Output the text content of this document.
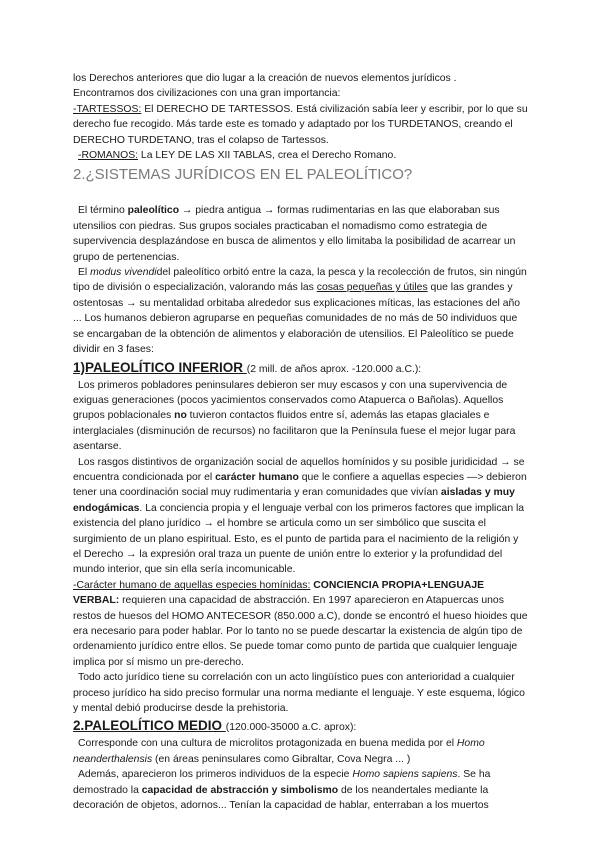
los Derechos anteriores que dio lugar a la creación de nuevos elementos jurídicos .

Encontramos dos civilizaciones con una gran importancia:

-TARTESSOS: El DERECHO DE TARTESSOS. Está civilización sabía leer y escribir, por lo que su derecho fue recogido. Más tarde este es tomado y adaptado por los TURDETANOS, creando el DERECHO TURDETANO, tras el colapso de Tartessos.

-ROMANOS: La LEY DE LAS XII TABLAS, crea el Derecho Romano.

2.¿SISTEMAS JURÍDICOS EN EL PALEOLÍTICO?

El término paleolítico → piedra antigua → formas rudimentarias en las que elaboraban sus utensilios con piedras. Sus grupos sociales practicaban el nomadismo como estrategia de supervivencia desplazándose en busca de alimentos y ello limitaba la posibilidad de acarrear un grupo de pertenencias.

El modus vivendidel paleolítico orbitó entre la caza, la pesca y la recolección de frutos, sin ningún tipo de división o especialización, valorando más las cosas pequeñas y útiles que las grandes y ostentosas → su mentalidad orbitaba alrededor sus explicaciones míticas, las estaciones del año ... Los humanos debieron agruparse en pequeñas comunidades de no más de 50 individuos que se encargaban de la obtención de alimentos y elaboración de utensilios. El Paleolítico se puede dividir en 3 fases:

1)PALEOLÍTICO INFERIOR (2 mill. de años aprox. -120.000 a.C.):

Los primeros pobladores peninsulares debieron ser muy escasos y con una supervivencia de exiguas generaciones (pocos yacimientos conservados como Atapuerca o Bañolas). Aquellos grupos poblacionales no tuvieron contactos fluidos entre sí, además las etapas glaciales e interglaciales (disminución de recursos) no facilitaron que la Península fuese el mejor lugar para asentarse.

Los rasgos distintivos de organización social de aquellos homínidos y su posible juridicidad → se encuentra condicionada por el carácter humano que le confiere a aquellas especies —> debieron tener una coordinación social muy rudimentaria y eran comunidades que vivían aisladas y muy endogámicas. La conciencia propia y el lenguaje verbal con los primeros factores que implican la existencia del plano jurídico → el hombre se articula como un ser simbólico que suscita el surgimiento de un plano espiritual. Esto, es el punto de partida para el nacimiento de la religión y el Derecho → la expresión oral traza un puente de unión entre lo exterior y la profundidad del mundo interior, que sin ella sería incomunicable.

-Carácter humano de aquellas especies homínidas: CONCIENCIA PROPIA+LENGUAJE VERBAL: requieren una capacidad de abstracción. En 1997 aparecieron en Atapuercas unos restos de huesos del HOMO ANTECESOR (850.000 a.C), donde se encontró el hueso hioides que era necesario para poder hablar. Por lo tanto no se puede descartar la existencia de algún tipo de ordenamiento jurídico entre ellos. Se puede tomar como punto de partida que cualquier lenguaje implica por sí mismo un pre-derecho.

Todo acto jurídico tiene su correlación con un acto lingüístico pues con anterioridad a cualquier proceso jurídico ha sido preciso formular una norma mediante el lenguaje. Y este esquema, lógico y mental debió producirse desde la prehistoria.

2.PALEOLÍTICO MEDIO (120.000-35000 a.C. aprox):

Corresponde con una cultura de microlitos protagonizada en buena medida por el Homo neanderthalensis (en áreas peninsulares como Gibraltar, Cova Negra ... )

Además, aparecieron los primeros individuos de la especie Homo sapiens sapiens. Se ha demostrado la capacidad de abstracción y simbolismo de los neandertales mediante la decoración de objetos, adornos... Tenían la capacidad de hablar, enterraban a los muertos
